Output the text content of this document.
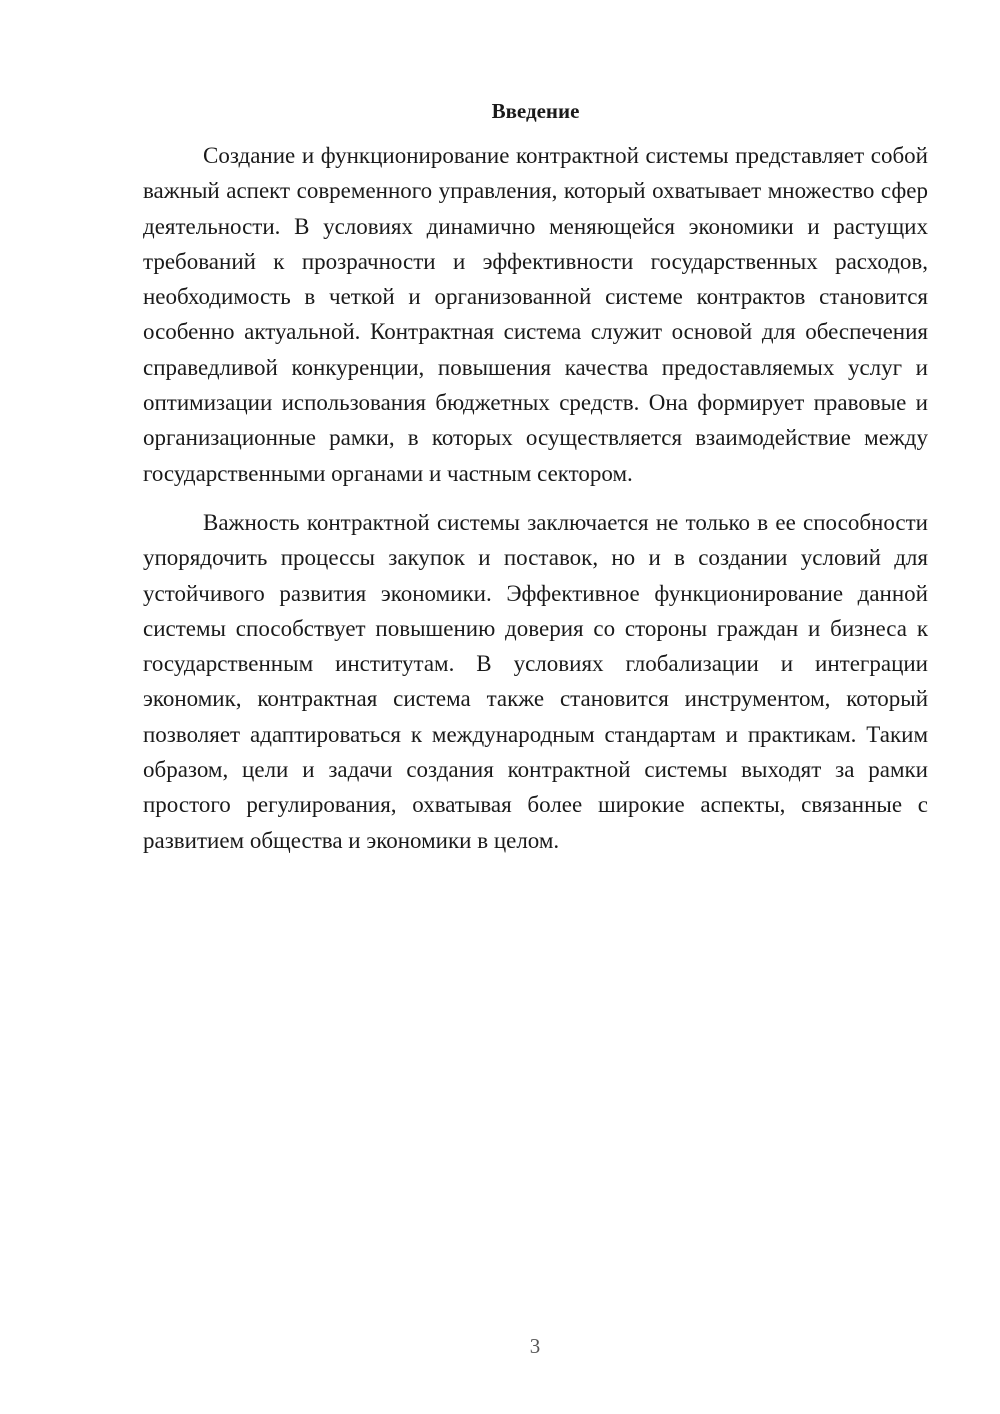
Введение

Создание и функционирование контрактной системы представляет собой важный аспект современного управления, который охватывает множество сфер деятельности. В условиях динамично меняющейся экономики и растущих требований к прозрачности и эффективности государственных расходов, необходимость в четкой и организованной системе контрактов становится особенно актуальной. Контрактная система служит основой для обеспечения справедливой конкуренции, повышения качества предоставляемых услуг и оптимизации использования бюджетных средств. Она формирует правовые и организационные рамки, в которых осуществляется взаимодействие между государственными органами и частным сектором.

Важность контрактной системы заключается не только в ее способности упорядочить процессы закупок и поставок, но и в создании условий для устойчивого развития экономики. Эффективное функционирование данной системы способствует повышению доверия со стороны граждан и бизнеса к государственным институтам. В условиях глобализации и интеграции экономик, контрактная система также становится инструментом, который позволяет адаптироваться к международным стандартам и практикам. Таким образом, цели и задачи создания контрактной системы выходят за рамки простого регулирования, охватывая более широкие аспекты, связанные с развитием общества и экономики в целом.

3
